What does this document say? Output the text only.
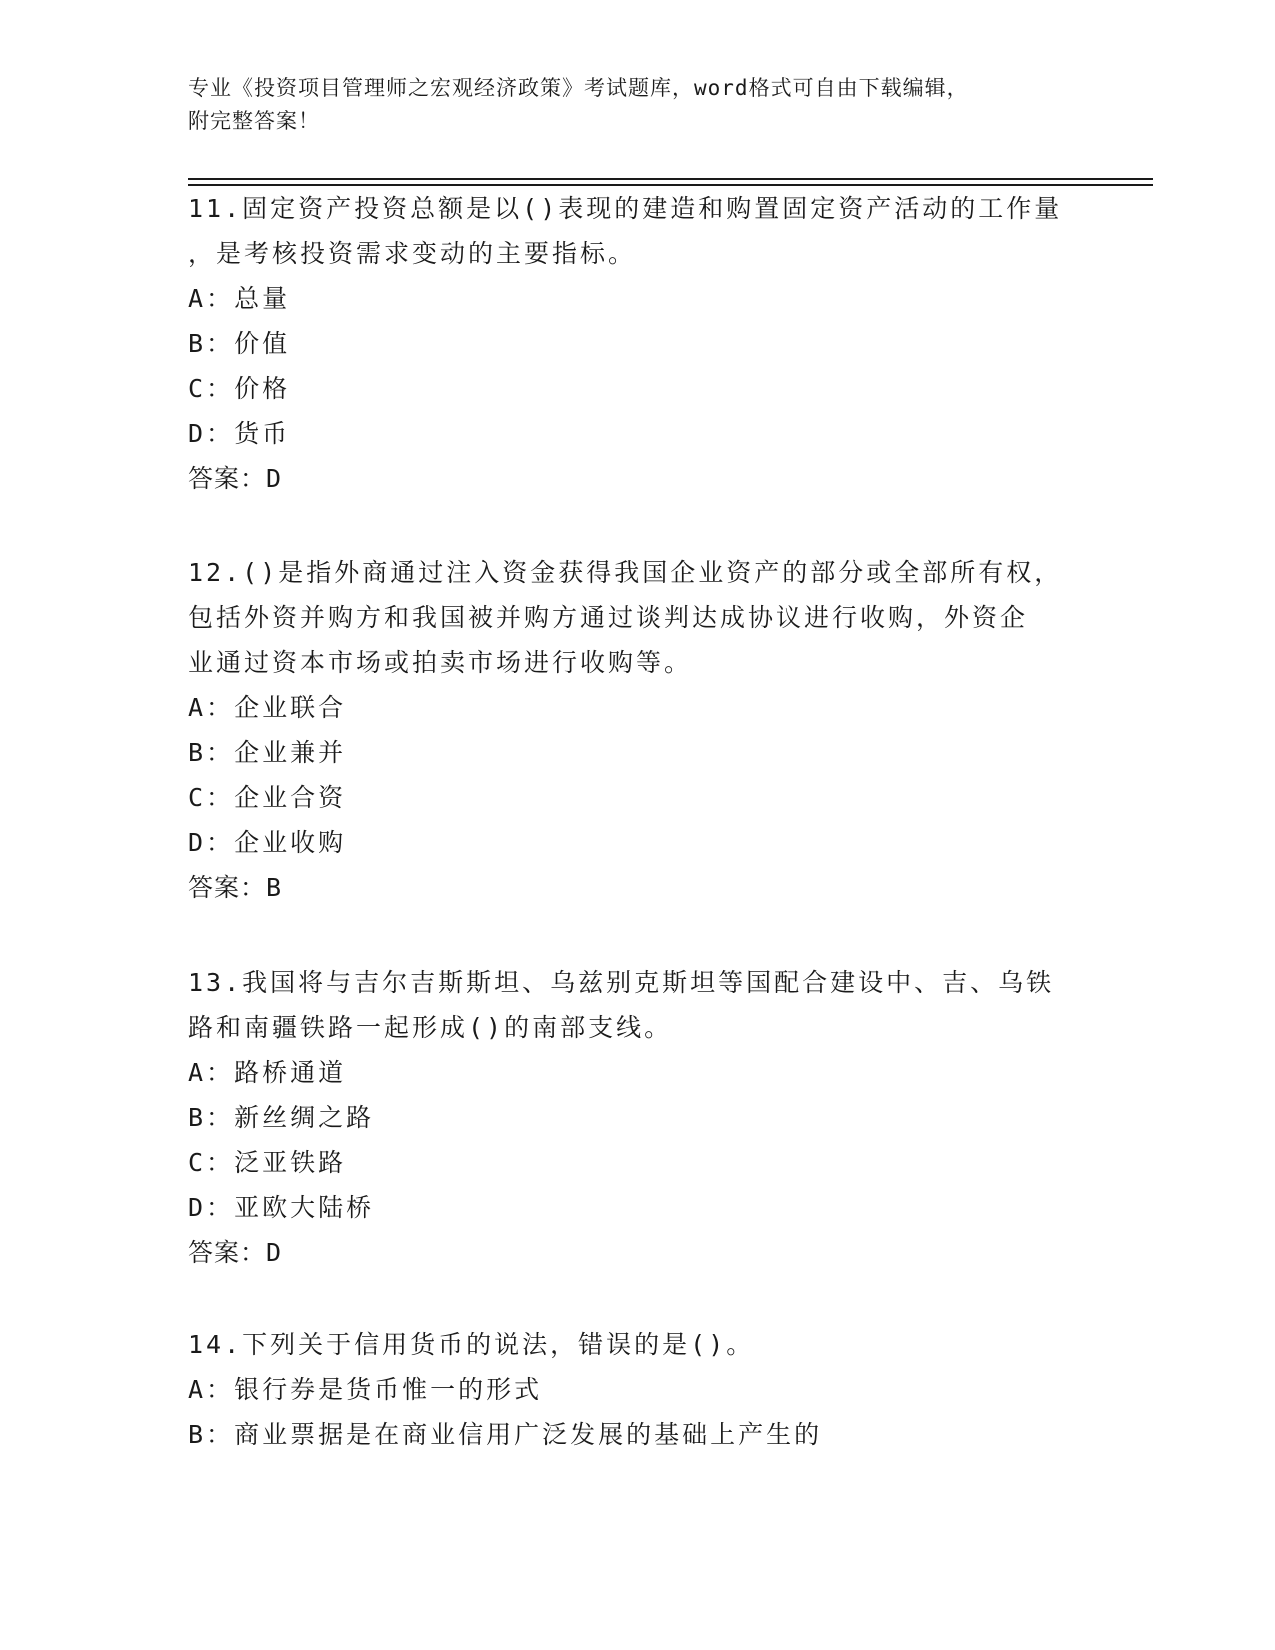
专业《投资项目管理师之宏观经济政策》考试题库，word格式可自由下载编辑，
附完整答案！

11.固定资产投资总额是以()表现的建造和购置固定资产活动的工作量

，是考核投资需求变动的主要指标。

A：总量

B：价值

C：价格

D：货币

答案：D

12.()是指外商通过注入资金获得我国企业资产的部分或全部所有权，

包括外资并购方和我国被并购方通过谈判达成协议进行收购，外资企

业通过资本市场或拍卖市场进行收购等。

A：企业联合

B：企业兼并

C：企业合资

D：企业收购

答案：B

13.我国将与吉尔吉斯斯坦、乌兹别克斯坦等国配合建设中、吉、乌铁

路和南疆铁路一起形成()的南部支线。

A：路桥通道

B：新丝绸之路

C：泛亚铁路

D：亚欧大陆桥

答案：D

14.下列关于信用货币的说法，错误的是()。

A：银行券是货币惟一的形式

B：商业票据是在商业信用广泛发展的基础上产生的
